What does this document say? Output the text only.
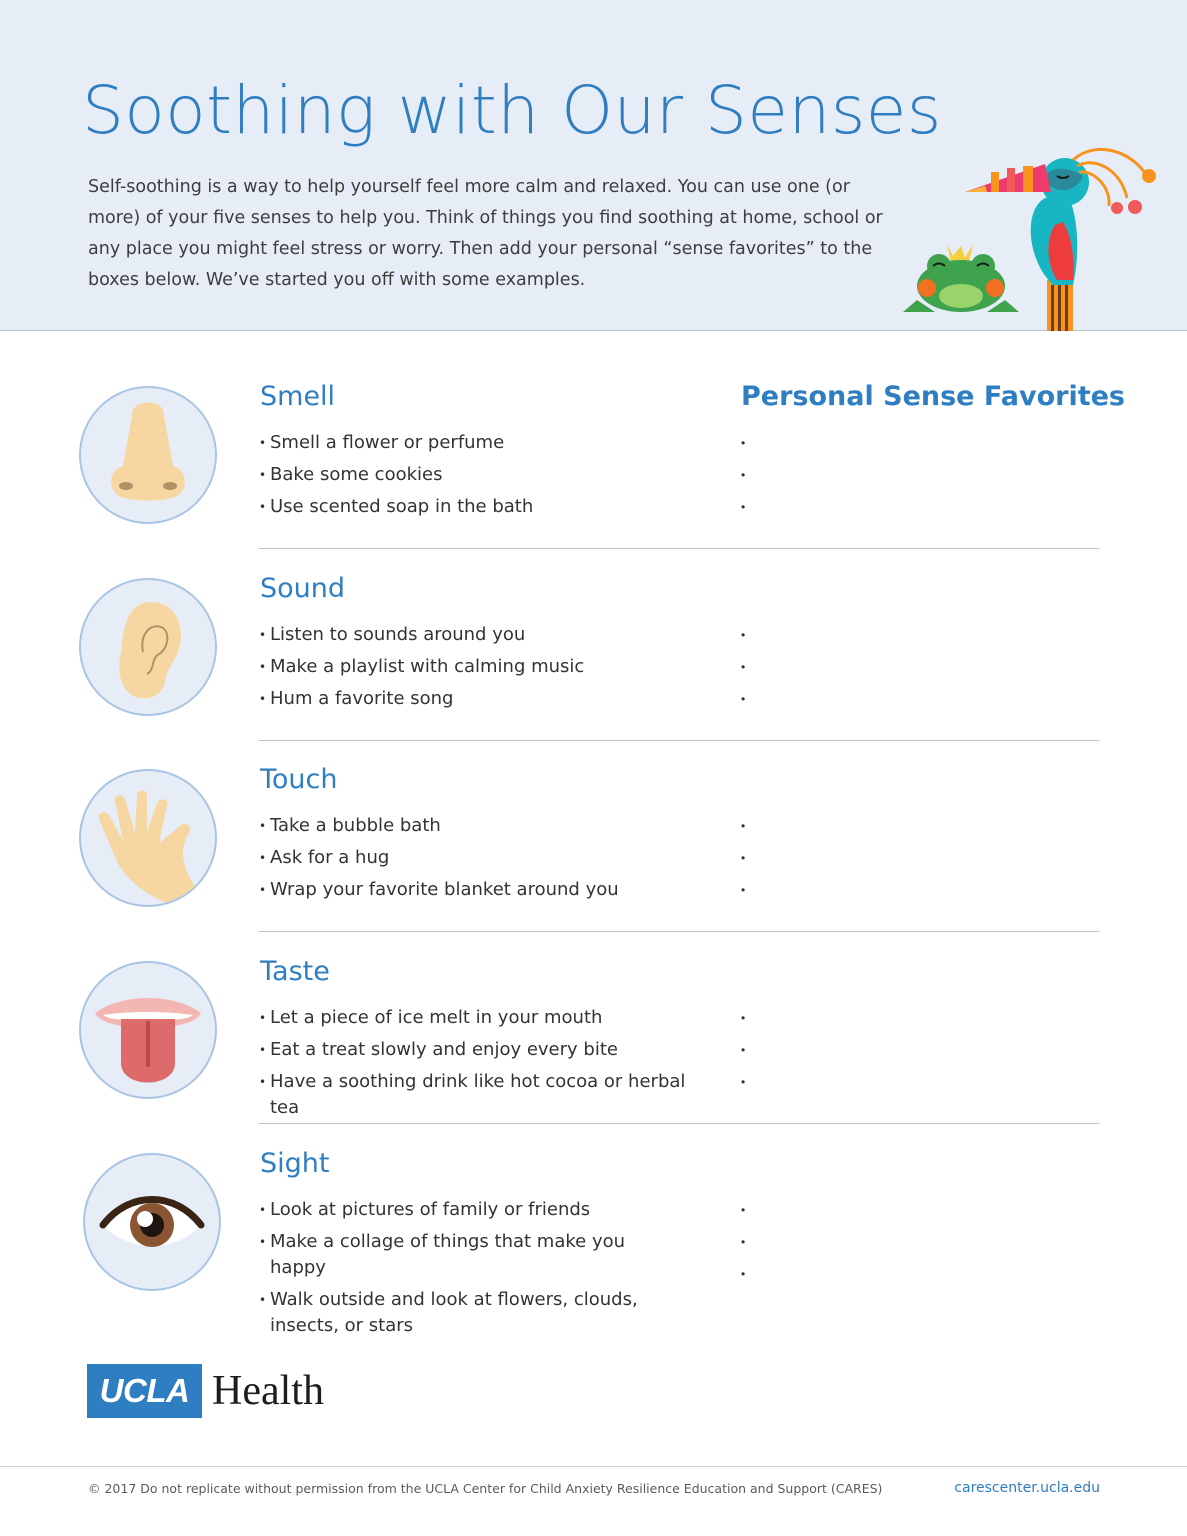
Soothing with Our Senses

Self-soothing is a way to help yourself feel more calm and relaxed. You can use one (or more) of your five senses to help you. Think of things you find soothing at home, school or any place you might feel stress or worry. Then add your personal “sense favorites” to the boxes below. We’ve started you off with some examples.

Smell	Personal Sense Favorites
• Smell a flower or perfume
• Bake some cookies
• Use scented soap in the bath
•
•
•
Sound
• Listen to sounds around you
• Make a playlist with calming music
• Hum a favorite song
•
•
•
Touch
• Take a bubble bath
• Ask for a hug
• Wrap your favorite blanket around you
•
•
•
Taste
• Let a piece of ice melt in your mouth
• Eat a treat slowly and enjoy every bite
• Have a soothing drink like hot cocoa or herbal tea
•
•
•
Sight
• Look at pictures of family or friends
• Make a collage of things that make you happy
• Walk outside and look at flowers, clouds, insects, or stars
•
•
•
UCLA Health

© 2017 Do not replicate without permission from the UCLA Center for Child Anxiety Resilience Education and Support (CARES)	carescenter.ucla.edu
